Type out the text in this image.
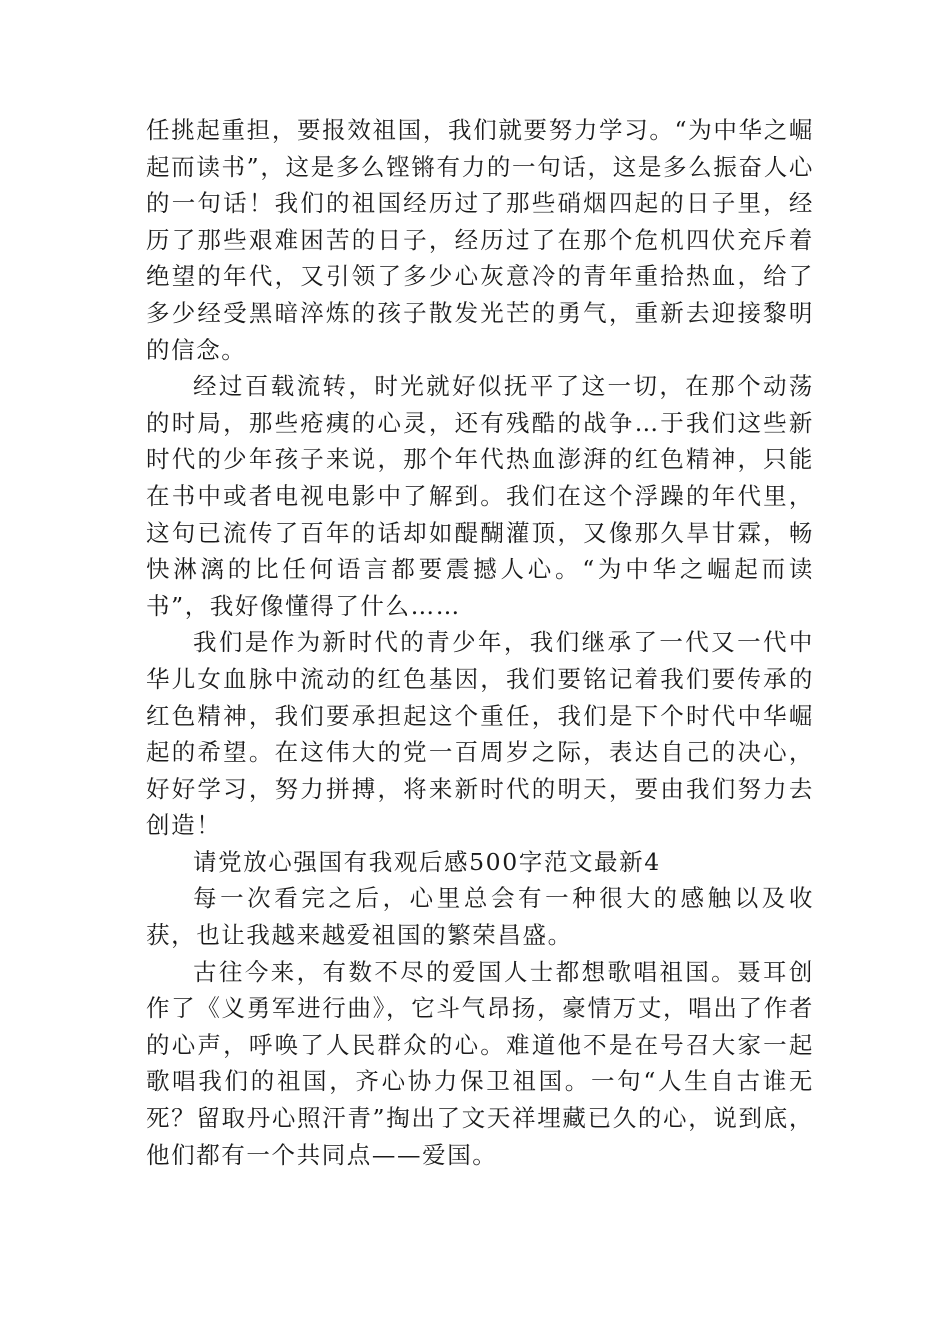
任挑起重担，要报效祖国，我们就要努力学习。“为中华之崛起而读书”，这是多么铿锵有力的一句话，这是多么振奋人心的一句话！我们的祖国经历过了那些硝烟四起的日子里，经历了那些艰难困苦的日子，经历过了在那个危机四伏充斥着绝望的年代，又引领了多少心灰意冷的青年重拾热血，给了多少经受黑暗淬炼的孩子散发光芒的勇气，重新去迎接黎明的信念。

经过百载流转，时光就好似抚平了这一切，在那个动荡的时局，那些疮痍的心灵，还有残酷的战争…于我们这些新时代的少年孩子来说，那个年代热血澎湃的红色精神，只能在书中或者电视电影中了解到。我们在这个浮躁的年代里，这句已流传了百年的话却如醍醐灌顶，又像那久旱甘霖，畅快淋漓的比任何语言都要震撼人心。“为中华之崛起而读书”，我好像懂得了什么……

我们是作为新时代的青少年，我们继承了一代又一代中华儿女血脉中流动的红色基因，我们要铭记着我们要传承的红色精神，我们要承担起这个重任，我们是下个时代中华崛起的希望。在这伟大的党一百周岁之际，表达自己的决心，好好学习，努力拼搏，将来新时代的明天，要由我们努力去创造！

请党放心强国有我观后感500字范文最新4

每一次看完之后，心里总会有一种很大的感触以及收获，也让我越来越爱祖国的繁荣昌盛。

古往今来，有数不尽的爱国人士都想歌唱祖国。聂耳创作了《义勇军进行曲》，它斗气昂扬，豪情万丈，唱出了作者的心声，呼唤了人民群众的心。难道他不是在号召大家一起歌唱我们的祖国，齐心协力保卫祖国。一句“人生自古谁无死？留取丹心照汗青”掏出了文天祥埋藏已久的心，说到底，他们都有一个共同点——爱国。
